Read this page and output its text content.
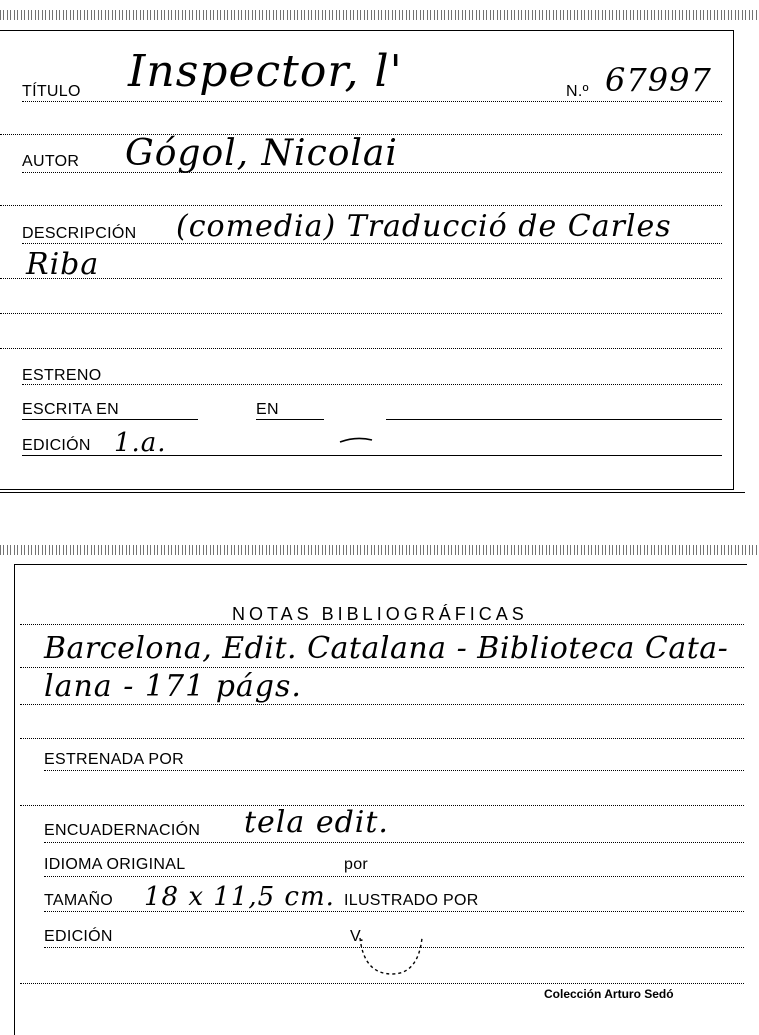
TÍTULO Inspector, l'	N.º 67997
AUTOR Gógol, Nicolai
DESCRIPCIÓN (comedia) Traducció de Carles
Riba
ESTRENO
ESCRITA EN	EN
EDICIÓN 1.a.
NOTAS BIBLIOGRÁFICAS
Barcelona, Edit. Catalana - Biblioteca Cata-
lana - 171 págs.
ESTRENADA POR
ENCUADERNACIÓN tela edit.
IDIOMA ORIGINAL	por
TAMAÑO 18 x 11,5 cm. ILUSTRADO POR
EDICIÓN	V.
Colección Arturo Sedó
